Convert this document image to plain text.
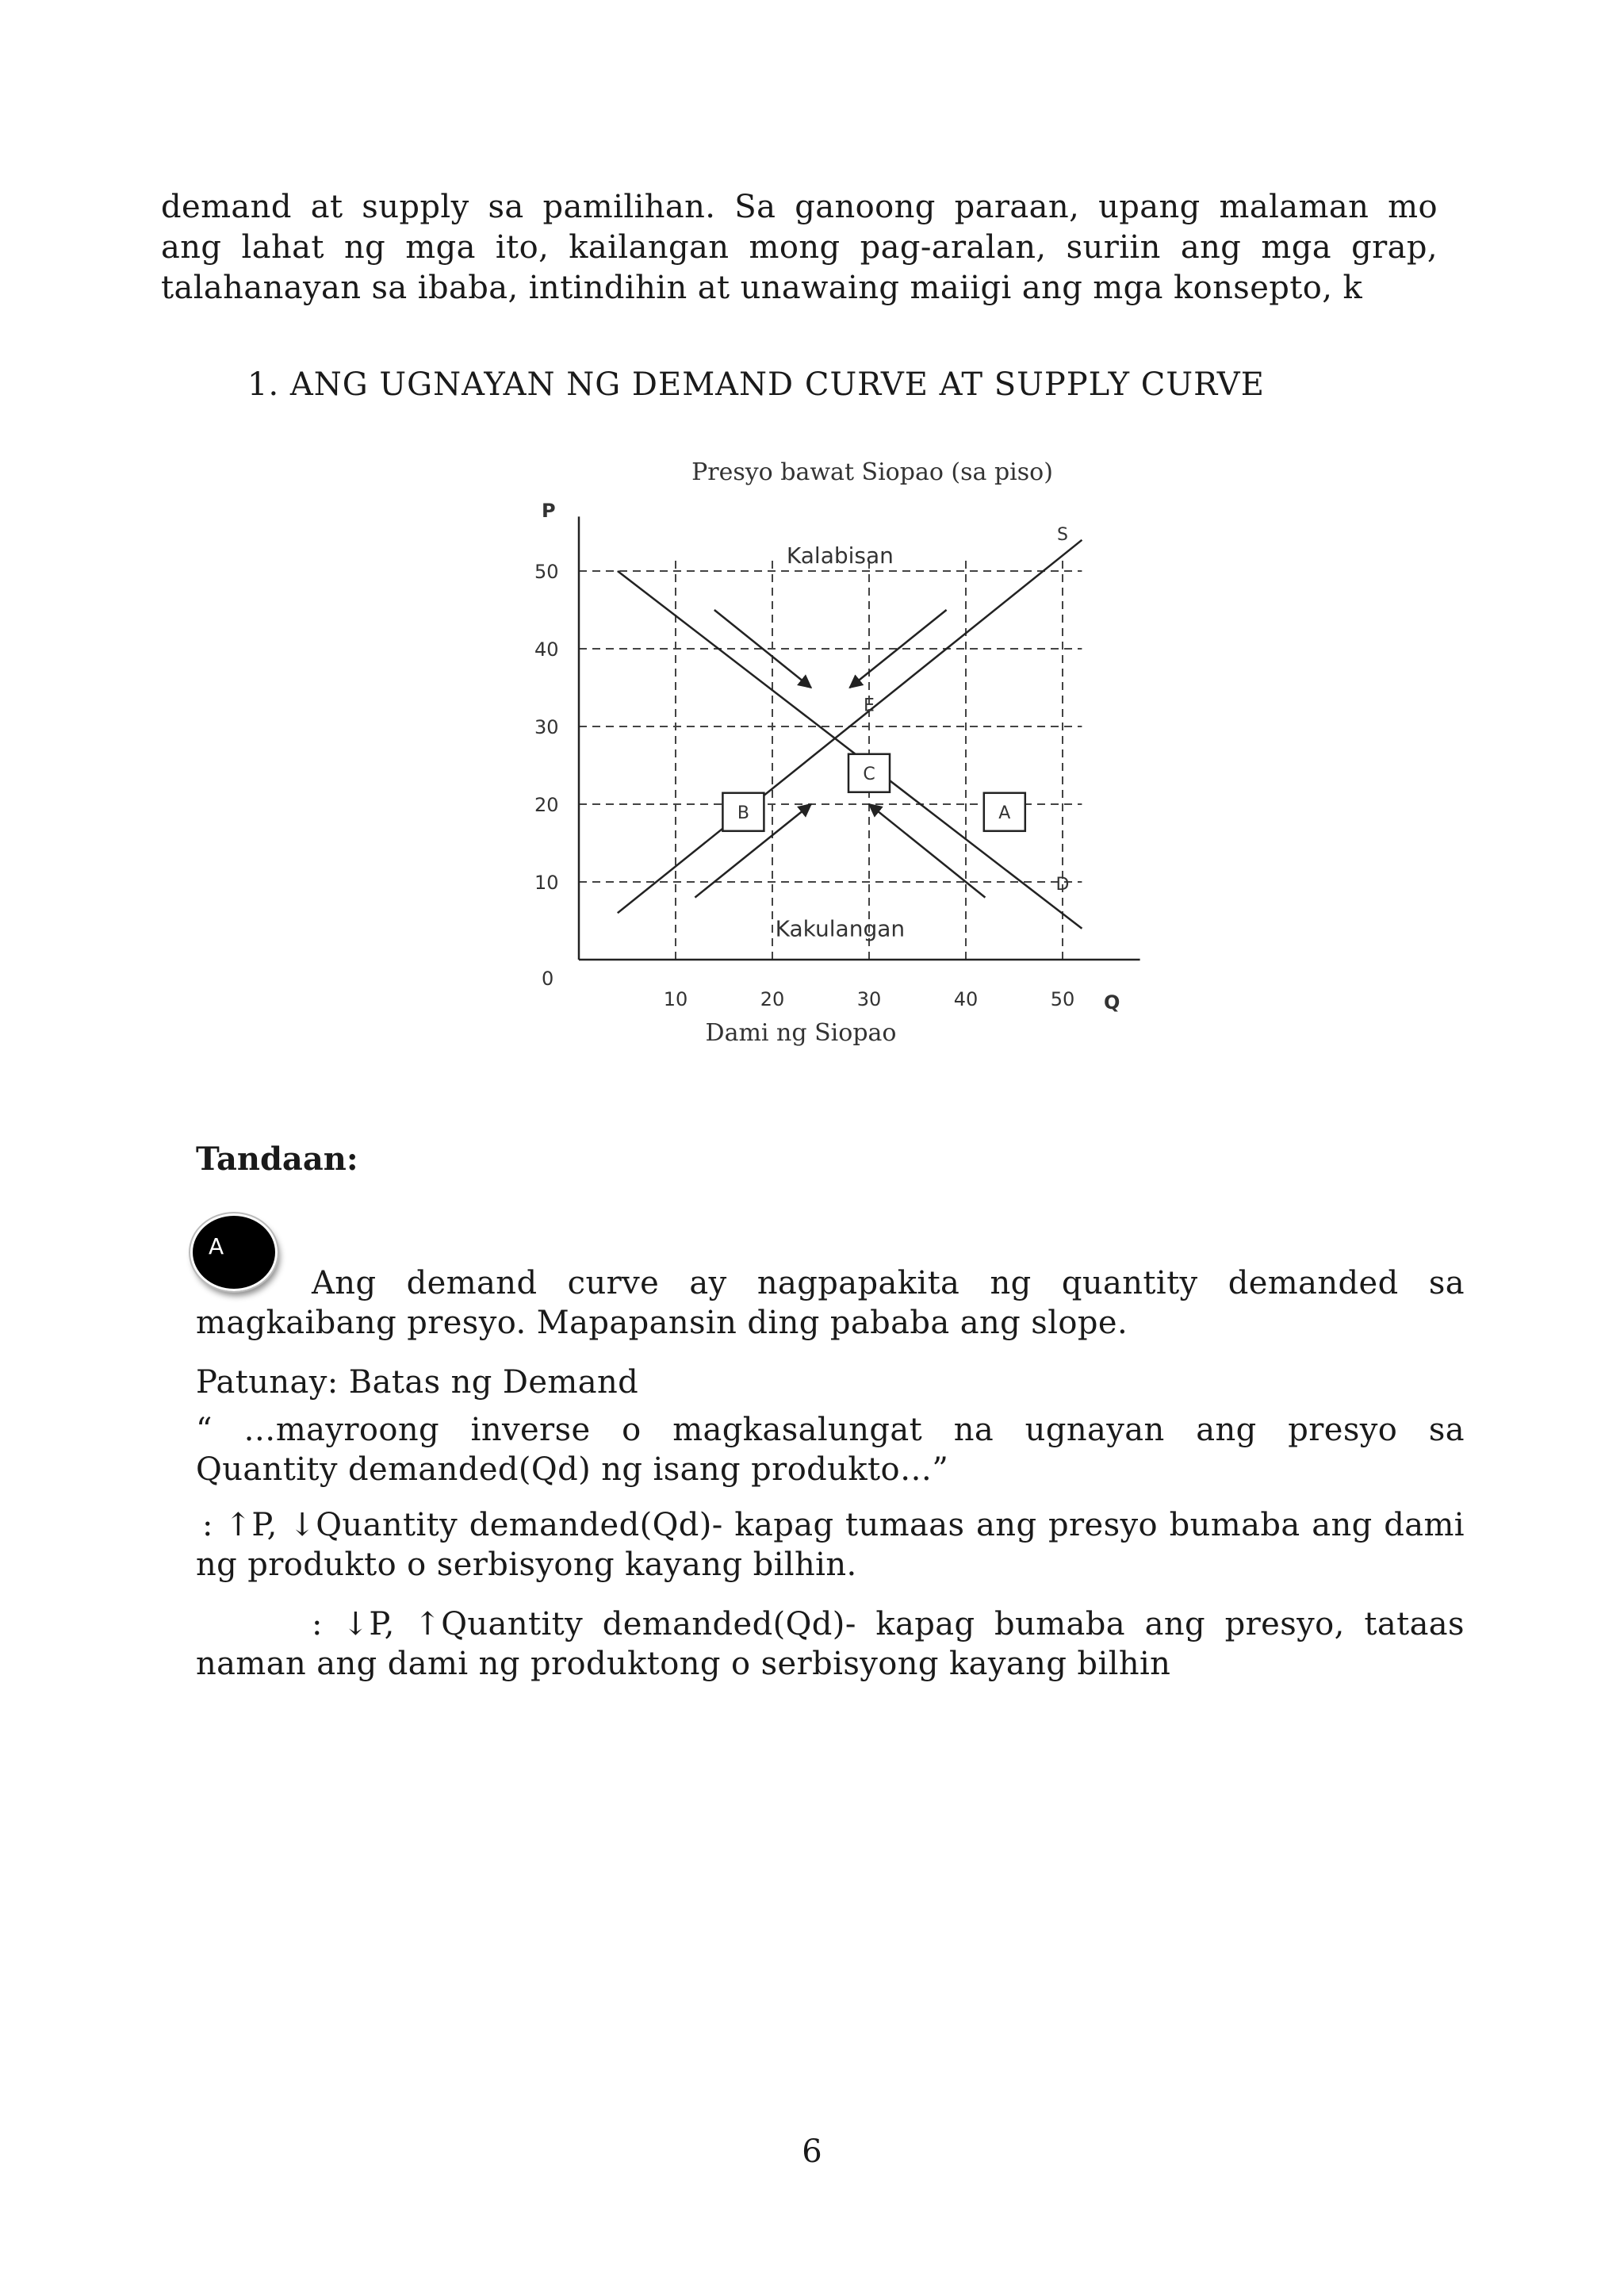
demand at supply sa pamilihan. Sa ganoong paraan, upang malaman mo
ang lahat ng mga ito, kailangan mong pag-aralan, suriin ang mga grap,
talahanayan sa ibaba, intindihin at unawaing maiigi ang mga konsepto, k
1. ANG UGNAYAN NG DEMAND CURVE AT SUPPLY CURVE
Presyo bawat Siopao (sa piso)
P
0
Q
Dami ng Siopao
10	20	30	40	50
10
20
30
40
50
Kalabisan
Kakulangan
E
S
D
B
C
A
Tandaan:
A
Ang demand curve ay nagpapakita ng quantity demanded sa
magkaibang presyo. Mapapansin ding pababa ang slope.
Patunay: Batas ng Demand
“ …mayroong inverse o magkasalungat na ugnayan ang presyo sa
Quantity demanded(Qd) ng isang produkto…”
: ↑P, ↓Quantity demanded(Qd)- kapag tumaas ang presyo bumaba ang dami
ng produkto o serbisyong kayang bilhin.
: ↓P, ↑Quantity demanded(Qd)- kapag bumaba ang presyo, tataas
naman ang dami ng produktong o serbisyong kayang bilhin
6
